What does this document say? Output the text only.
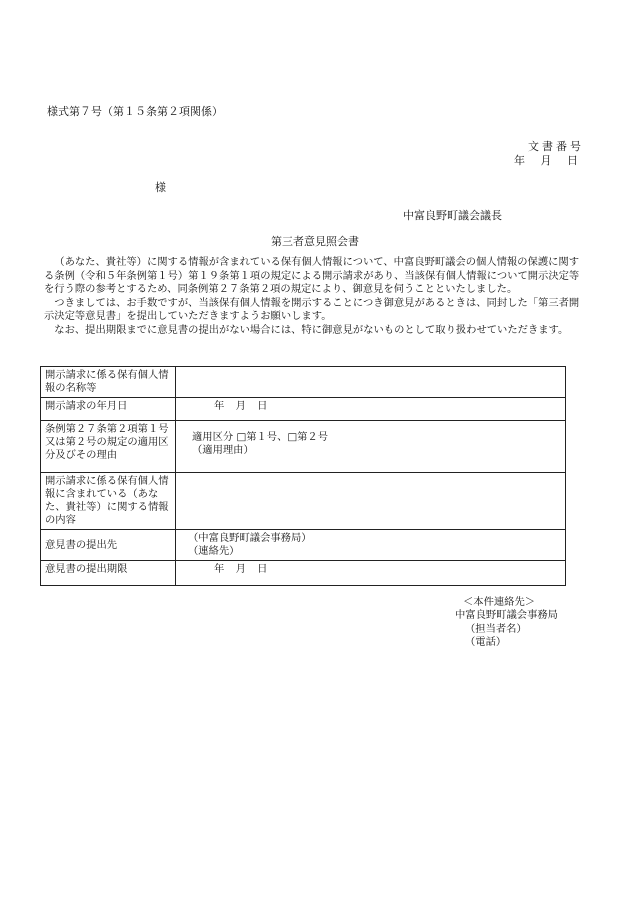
様式第７号（第１５条第２項関係）
文書番号
年 月 日
様
中富良野町議会議長
第三者意見照会書

（あなた、貴社等）に関する情報が含まれている保有個人情報について、中富良野町議会の個人情報の保護に関する条例（令和５年条例第１号）第１９条第１項の規定による開示請求があり、当該保有個人情報について開示決定等を行う際の参考とするため、同条例第２７条第２項の規定により、御意見を伺うことといたしました。

つきましては、お手数ですが、当該保有個人情報を開示することにつき御意見があるときは、同封した「第三者開示決定等意見書」を提出していただきますようお願いします。

なお、提出期限までに意見書の提出がない場合には、特に御意見がないものとして取り扱わせていただきます。

開示請求に係る保有個人情報の名称等	
開示請求の年月日	年 月 日
条例第２７条第２項第１号又は第２号の規定の適用区分及びその理由	適用区分 □第１号、□第２号
（適用理由）

開示請求に係る保有個人情報に含まれている（あなた、貴社等）に関する情報の内容	
意見書の提出先	（中富良野町議会事務局）
（連絡先）

意見書の提出期限	年 月 日
＜本件連絡先＞
中富良野町議会事務局
（担当者名）
（電話）
